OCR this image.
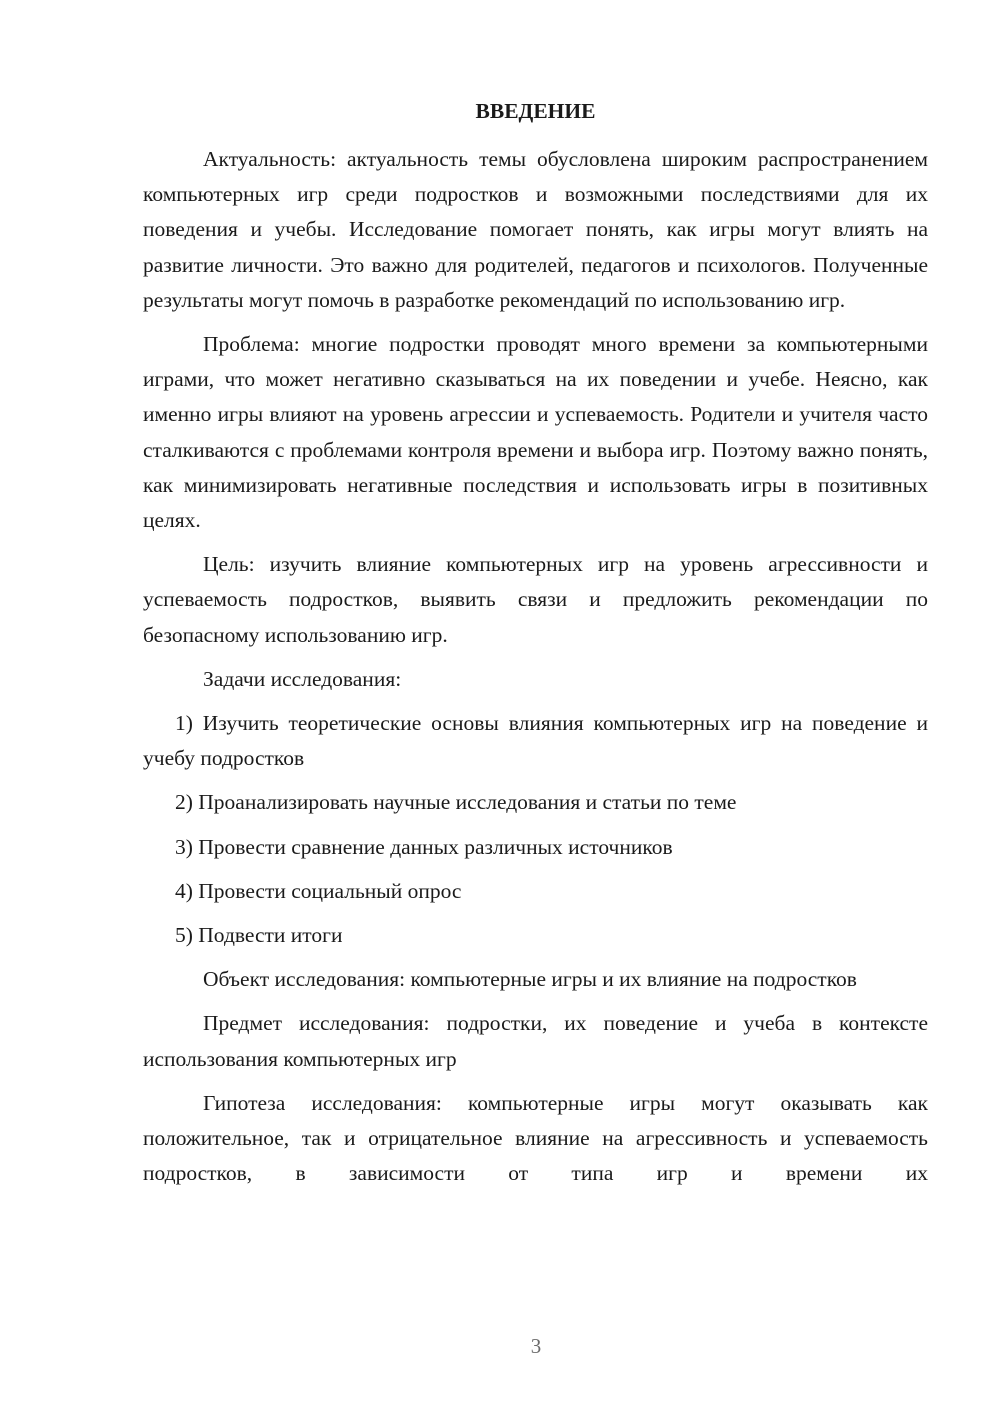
ВВЕДЕНИЕ

Актуальность: актуальность темы обусловлена широким распространением компьютерных игр среди подростков и возможными последствиями для их поведения и учебы. Исследование помогает понять, как игры могут влиять на развитие личности. Это важно для родителей, педагогов и психологов. Полученные результаты могут помочь в разработке рекомендаций по использованию игр.

Проблема: многие подростки проводят много времени за компьютерными играми, что может негативно сказываться на их поведении и учебе. Неясно, как именно игры влияют на уровень агрессии и успеваемость. Родители и учителя часто сталкиваются с проблемами контроля времени и выбора игр. Поэтому важно понять, как минимизировать негативные последствия и использовать игры в позитивных целях.

Цель: изучить влияние компьютерных игр на уровень агрессивности и успеваемость подростков, выявить связи и предложить рекомендации по безопасному использованию игр.

Задачи исследования:

1) Изучить теоретические основы влияния компьютерных игр на поведение и учебу подростков

2) Проанализировать научные исследования и статьи по теме

3) Провести сравнение данных различных источников

4) Провести социальный опрос

5) Подвести итоги

Объект исследования: компьютерные игры и их влияние на подростков

Предмет исследования: подростки, их поведение и учеба в контексте использования компьютерных игр

Гипотеза исследования: компьютерные игры могут оказывать как положительное, так и отрицательное влияние на агрессивность и успеваемость подростков, в зависимости от типа игр и времени их

3
